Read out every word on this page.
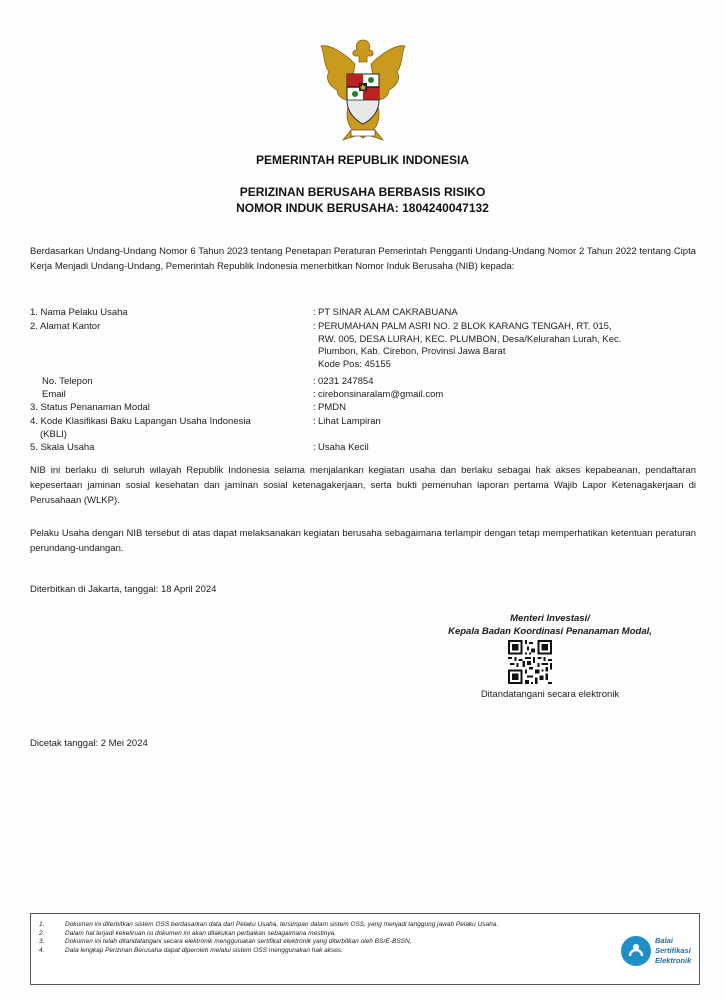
PEMERINTAH REPUBLIK INDONESIA
PERIZINAN BERUSAHA BERBASIS RISIKO
NOMOR INDUK BERUSAHA: 1804240047132
Berdasarkan Undang-Undang Nomor 6 Tahun 2023 tentang Penetapan Peraturan Pemerintah Pengganti Undang-Undang Nomor 2 Tahun 2022 tentang Cipta Kerja Menjadi Undang-Undang, Pemerintah Republik Indonesia menerbitkan Nomor Induk Berusaha (NIB) kepada:
1. Nama Pelaku Usaha	: PT SINAR ALAM CAKRABUANA
2. Alamat Kantor	: PERUMAHAN PALM ASRI NO. 2 BLOK KARANG TENGAH, RT. 015,
RW. 005, DESA LURAH, KEC. PLUMBON, Desa/Kelurahan Lurah, Kec.
Plumbon, Kab. Cirebon, Provinsi Jawa Barat
Kode Pos: 45155
No. Telepon	: 0231 247854
Email	: cirebonsinaralam@gmail.com
3. Status Penanaman Modal	: PMDN
4. Kode Klasifikasi Baku Lapangan Usaha Indonesia
(KBLI)
: Lihat Lampiran
5. Skala Usaha	: Usaha Kecil
NIB ini berlaku di seluruh wilayah Republik Indonesia selama menjalankan kegiatan usaha dan berlaku sebagai hak akses kepabeanan, pendaftaran kepesertaan jaminan sosial kesehatan dan jaminan sosial ketenagakerjaan, serta bukti pemenuhan laporan pertama Wajib Lapor Ketenagakerjaan di Perusahaan (WLKP).
Pelaku Usaha dengan NIB tersebut di atas dapat melaksanakan kegiatan berusaha sebagaimana terlampir dengan tetap memperhatikan ketentuan peraturan perundang-undangan.
Diterbitkan di Jakarta, tanggal: 18 April 2024
Menteri Investasi/
Kepala Badan Koordinasi Penanaman Modal,
Ditandatangani secara elektronik
Dicetak tanggal: 2 Mei 2024
1.	Dokumen ini diterbitkan sistem OSS berdasarkan data dari Pelaku Usaha, tersimpan dalam sistem OSS, yang menjadi tanggung jawab Pelaku Usaha.
2.	Dalam hal terjadi kekeliruan isi dokumen ini akan dilakukan perbaikan sebagaimana mestinya.
3.	Dokumen ini telah ditandatangani secara elektronik menggunakan sertifikat elektronik yang diterbitkan oleh BSrE-BSSN.
4.	Data lengkap Perizinan Berusaha dapat diperoleh melalui sistem OSS menggunakan hak akses.
Balai
Sertifikasi
Elektronik
